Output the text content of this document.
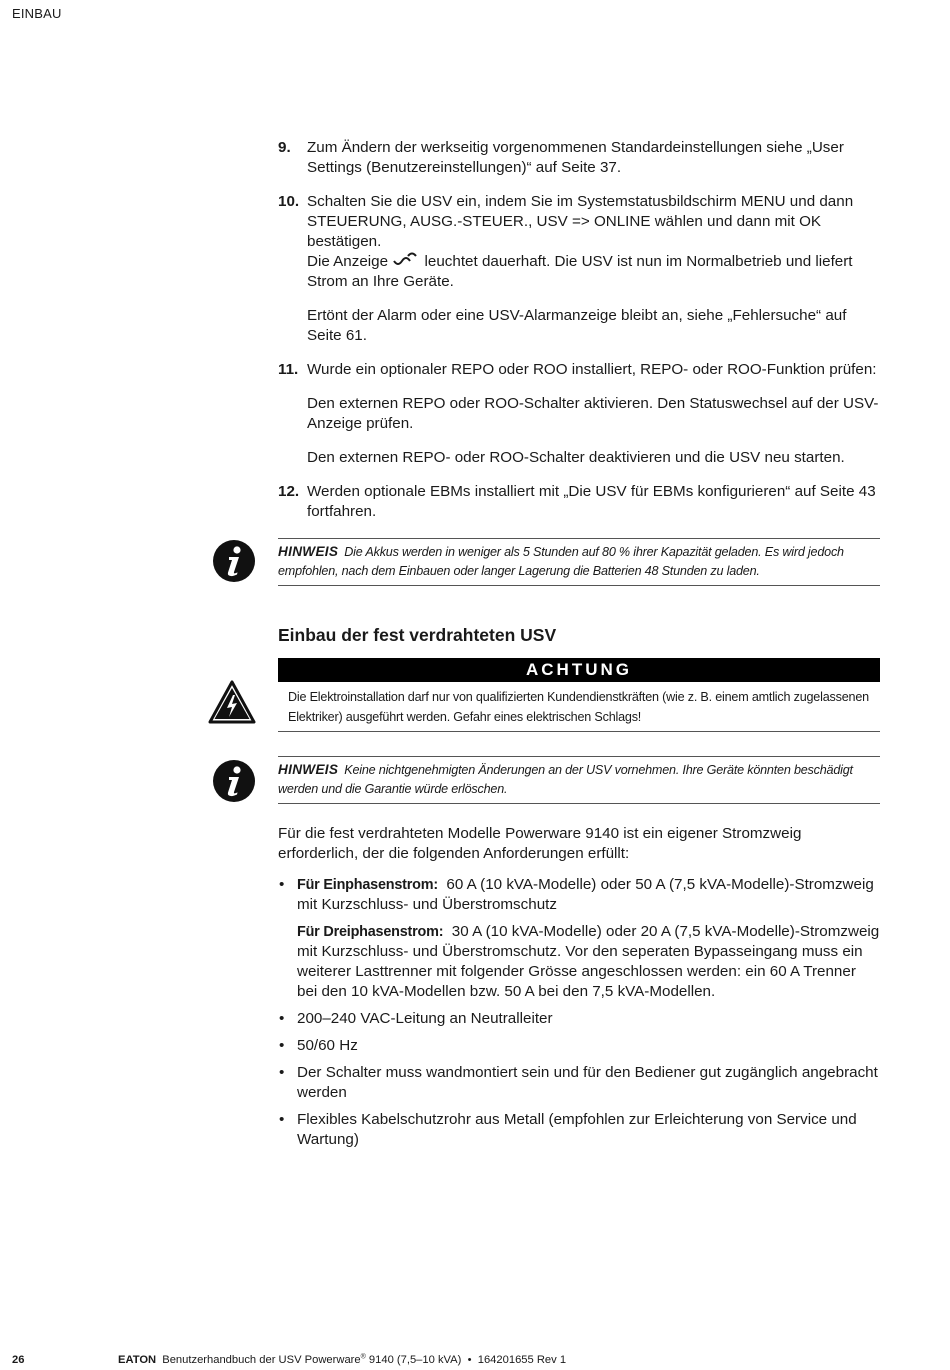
EINBAU
9. Zum Ändern der werkseitig vorgenommenen Standardeinstellungen siehe „User Settings (Benutzereinstellungen)“ auf Seite 37.
10. Schalten Sie die USV ein, indem Sie im Systemstatusbildschirm MENU und dann STEUERUNG, AUSG.-STEUER., USV => ONLINE wählen und dann mit OK bestätigen.

Die Anzeige leuchtet dauerhaft. Die USV ist nun im Normalbetrieb und liefert Strom an Ihre Geräte.

Ertönt der Alarm oder eine USV-Alarmanzeige bleibt an, siehe „Fehlersuche“ auf Seite 61.

11. Wurde ein optionaler REPO oder ROO installiert, REPO- oder ROO-Funktion prüfen:

Den externen REPO oder ROO-Schalter aktivieren. Den Statuswechsel auf der USV-Anzeige prüfen.

Den externen REPO- oder ROO-Schalter deaktivieren und die USV neu starten.

12. Werden optionale EBMs installiert mit „Die USV für EBMs konfigurieren“ auf Seite 43 fortfahren.
HINWEIS Die Akkus werden in weniger als 5 Stunden auf 80 % ihrer Kapazität geladen. Es wird jedoch empfohlen, nach dem Einbauen oder langer Lagerung die Batterien 48 Stunden zu laden.
Einbau der fest verdrahteten USV
ACHTUNG
Die Elektroinstallation darf nur von qualifizierten Kundendienstkräften (wie z. B. einem amtlich zugelassenen Elektriker) ausgeführt werden. Gefahr eines elektrischen Schlags!
HINWEIS Keine nichtgenehmigten Änderungen an der USV vornehmen. Ihre Geräte könnten beschädigt werden und die Garantie würde erlöschen.

Für die fest verdrahteten Modelle Powerware 9140 ist ein eigener Stromzweig erforderlich, der die folgenden Anforderungen erfüllt:

• Für Einphasenstrom: 60 A (10 kVA-Modelle) oder 50 A (7,5 kVA-Modelle)-Stromzweig mit Kurzschluss- und Überstromschutz
Für Dreiphasenstrom: 30 A (10 kVA-Modelle) oder 20 A (7,5 kVA-Modelle)-Stromzweig mit Kurzschluss- und Überstromschutz. Vor den seperaten Bypasseingang muss ein weiterer Lasttrenner mit folgender Grösse angeschlossen werden: ein 60 A Trenner bei den 10 kVA-Modellen bzw. 50 A bei den 7,5 kVA-Modellen.
• 200–240 VAC-Leitung an Neutralleiter
• 50/60 Hz
• Der Schalter muss wandmontiert sein und für den Bediener gut zugänglich angebracht werden
• Flexibles Kabelschutzrohr aus Metall (empfohlen zur Erleichterung von Service und Wartung)
26	EATON Benutzerhandbuch der USV Powerware® 9140 (7,5–10 kVA) • 164201655 Rev 1
